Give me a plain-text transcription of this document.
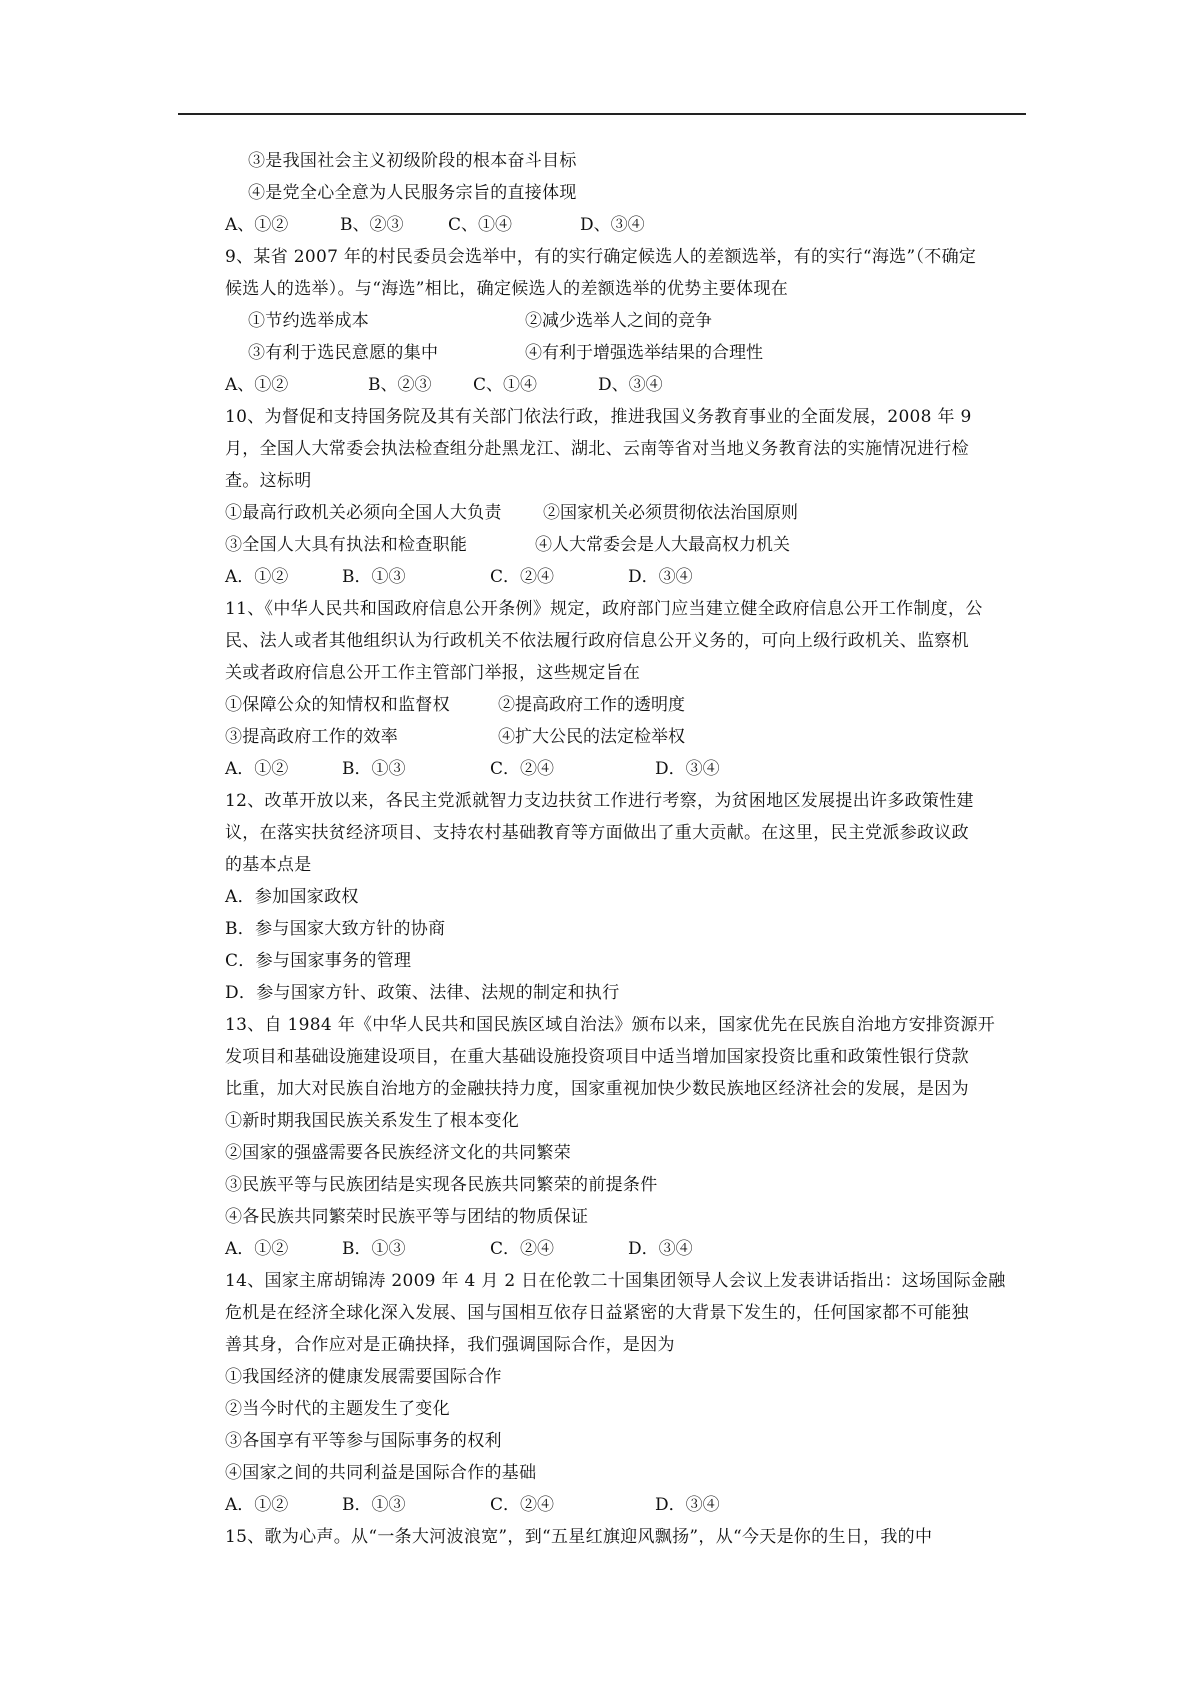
③是我国社会主义初级阶段的根本奋斗目标
④是党全心全意为人民服务宗旨的直接体现
A、①②	B、②③	C、①④	D、③④
9、某省 2007 年的村民委员会选举中，有的实行确定候选人的差额选举，有的实行“海选”（不确定
候选人的选举）。与“海选”相比，确定候选人的差额选举的优势主要体现在
①节约选举成本	②减少选举人之间的竞争
③有利于选民意愿的集中	④有利于增强选举结果的合理性
A、①②	B、②③ C、①④	D、③④
10、为督促和支持国务院及其有关部门依法行政，推进我国义务教育事业的全面发展，2008 年 9
月，全国人大常委会执法检查组分赴黑龙江、湖北、云南等省对当地义务教育法的实施情况进行检
查。这标明
①最高行政机关必须向全国人大负责 ②国家机关必须贯彻依法治国原则
③全国人大具有执法和检查职能	④人大常委会是人大最高权力机关
A．①②	B．①③	C．②④	D．③④
11、《中华人民共和国政府信息公开条例》规定，政府部门应当建立健全政府信息公开工作制度，公
民、法人或者其他组织认为行政机关不依法履行政府信息公开义务的，可向上级行政机关、监察机
关或者政府信息公开工作主管部门举报，这些规定旨在
①保障公众的知情权和监督权	②提高政府工作的透明度
③提高政府工作的效率	④扩大公民的法定检举权
A．①②	B．①③	C．②④	D．③④
12、改革开放以来，各民主党派就智力支边扶贫工作进行考察，为贫困地区发展提出许多政策性建
议，在落实扶贫经济项目、支持农村基础教育等方面做出了重大贡献。在这里，民主党派参政议政
的基本点是
A．参加国家政权
B．参与国家大致方针的协商
C．参与国家事务的管理
D．参与国家方针、政策、法律、法规的制定和执行
13、自 1984 年《中华人民共和国民族区域自治法》颁布以来，国家优先在民族自治地方安排资源开
发项目和基础设施建设项目，在重大基础设施投资项目中适当增加国家投资比重和政策性银行贷款
比重，加大对民族自治地方的金融扶持力度，国家重视加快少数民族地区经济社会的发展，是因为
①新时期我国民族关系发生了根本变化
②国家的强盛需要各民族经济文化的共同繁荣
③民族平等与民族团结是实现各民族共同繁荣的前提条件
④各民族共同繁荣时民族平等与团结的物质保证
A．①②	B．①③	C．②④	D．③④
14、国家主席胡锦涛 2009 年 4 月 2 日在伦敦二十国集团领导人会议上发表讲话指出：这场国际金融
危机是在经济全球化深入发展、国与国相互依存日益紧密的大背景下发生的，任何国家都不可能独
善其身，合作应对是正确抉择，我们强调国际合作，是因为
①我国经济的健康发展需要国际合作
②当今时代的主题发生了变化
③各国享有平等参与国际事务的权利
④国家之间的共同利益是国际合作的基础
A．①②	B．①③	C．②④	D．③④
15、歌为心声。从“一条大河波浪宽”，到“五星红旗迎风飘扬”，从“今天是你的生日，我的中
